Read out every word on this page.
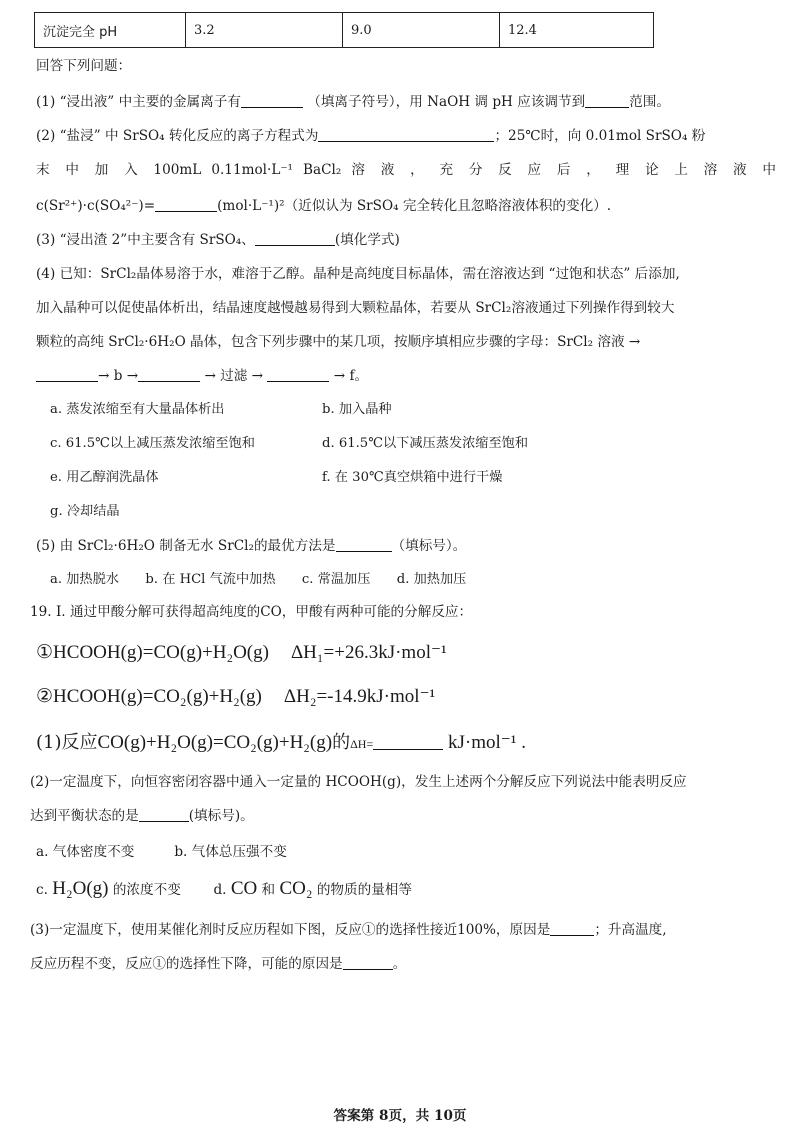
沉淀完全 pH	3.2	9.0	12.4
回答下列问题：
(1) “浸出液” 中主要的金属离子有	（填离子符号），用 NaOH 调 pH 应该调节到	范围。
(2) “盐浸” 中 SrSO₄ 转化反应的离子方程式为	；25℃时，向 0.01mol SrSO₄ 粉
末 中 加 入 100mL 0.11mol·L⁻¹ BaCl₂ 溶 液 ， 充 分 反 应 后 ， 理 论 上 溶 液 中
c(Sr²⁺)·c(SO₄²⁻)=	(mol·L⁻¹)²（近似认为 SrSO₄ 完全转化且忽略溶液体积的变化）.
(3) “浸出渣 2”中主要含有 SrSO₄、	(填化学式)
(4) 已知：SrCl₂晶体易溶于水，难溶于乙醇。晶种是高纯度目标晶体，需在溶液达到 “过饱和状态” 后添加,
加入晶种可以促使晶体析出，结晶速度越慢越易得到大颗粒晶体，若要从 SrCl₂溶液通过下列操作得到较大
颗粒的高纯 SrCl₂·6H₂O 晶体，包含下列步骤中的某几项，按顺序填相应步骤的字母：SrCl₂ 溶液 →
→ b →	→ 过滤 →	→ f。
a. 蒸发浓缩至有大量晶体析出	b. 加入晶种
c. 61.5℃以上减压蒸发浓缩至饱和	d. 61.5℃以下减压蒸发浓缩至饱和
e. 用乙醇润洗晶体	f. 在 30℃真空烘箱中进行干燥
g. 冷却结晶
(5) 由 SrCl₂·6H₂O 制备无水 SrCl₂的最优方法是	（填标号）。
a. 加热脱水　　b. 在 HCl 气流中加热　　c. 常温加压　　d. 加热加压
19. I. 通过甲酸分解可获得超高纯度的CO，甲酸有两种可能的分解反应：
①HCOOH(g)=CO(g)+H₂O(g) ΔH₁=+26.3kJ·mol⁻¹
②HCOOH(g)=CO₂(g)+H₂(g) ΔH₂=-14.9kJ·mol⁻¹
(1)反应CO(g)+H₂O(g)=CO₂(g)+H₂(g)的ΔH=	kJ·mol⁻¹ .
(2)一定温度下，向恒容密闭容器中通入一定量的 HCOOH(g)，发生上述两个分解反应下列说法中能表明反应
达到平衡状态的是	(填标号)。
a. 气体密度不变	b. 气体总压强不变
c. H₂O(g) 的浓度不变 d. CO 和 CO₂ 的物质的量相等
(3)一定温度下，使用某催化剂时反应历程如下图，反应①的选择性接近100%，原因是	；升高温度,
反应历程不变，反应①的选择性下降，可能的原因是	。
答案第 8页，共 10页
